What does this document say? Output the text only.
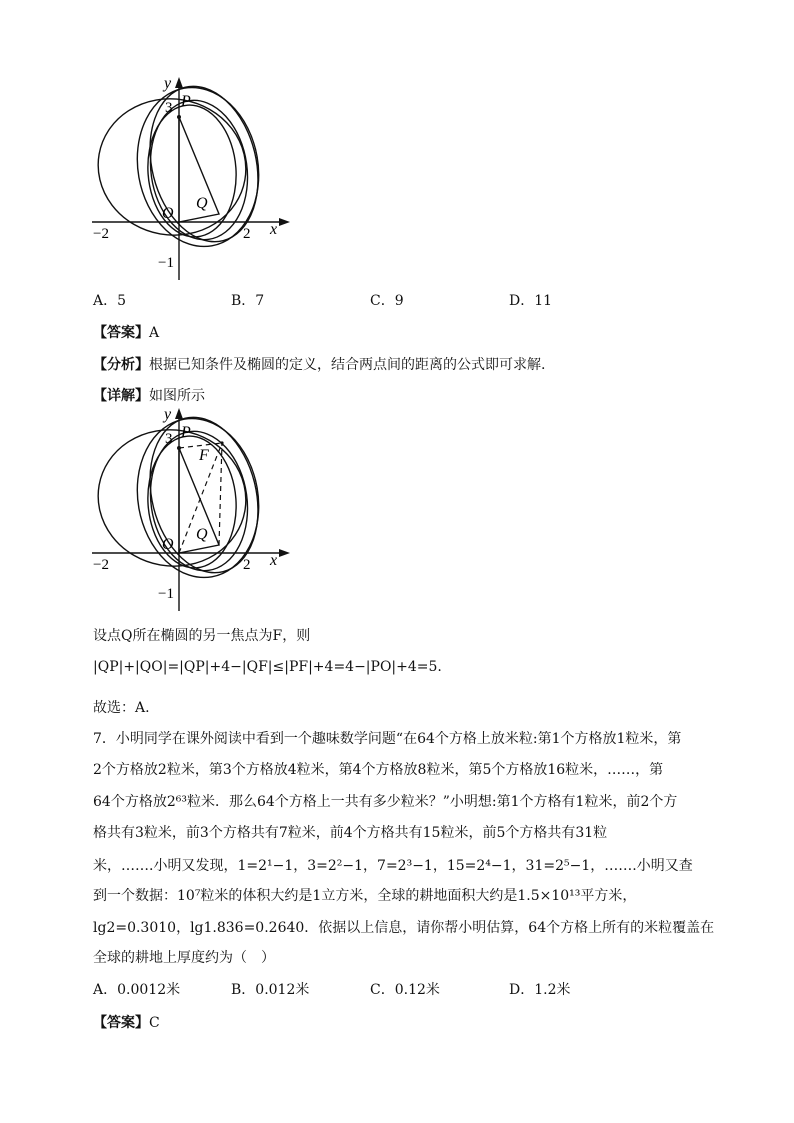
y
P
3
O
Q
−2	2 x
−1
A．5	B．7	C．9	D．11
【答案】A
【分析】根据已知条件及椭圆的定义，结合两点间的距离的公式即可求解.
【详解】如图所示
y
P
3
F
O
Q
−2	2 x
−1
设点Q所在椭圆的另一焦点为F，则
|QP|+|QO|=|QP|+4−|QF|≤|PF|+4=4−|PO|+4=5.
故选：A.
7．小明同学在课外阅读中看到一个趣味数学问题“在64个方格上放米粒:第1个方格放1粒米，第
2个方格放2粒米，第3个方格放4粒米，第4个方格放8粒米，第5个方格放16粒米，……，第
64个方格放2⁶³粒米．那么64个方格上一共有多少粒米？”小明想:第1个方格有1粒米，前2个方
格共有3粒米，前3个方格共有7粒米，前4个方格共有15粒米，前5个方格共有31粒
米，…….小明又发现，1=2¹−1，3=2²−1，7=2³−1，15=2⁴−1，31=2⁵−1，…….小明又查
到一个数据：10⁷粒米的体积大约是1立方米，全球的耕地面积大约是1.5×10¹³平方米，
lg2=0.3010，lg1.836=0.2640．依据以上信息，请你帮小明估算，64个方格上所有的米粒覆盖在
全球的耕地上厚度约为（　）
A．0.0012米	B．0.012米	C．0.12米	D．1.2米
【答案】C
